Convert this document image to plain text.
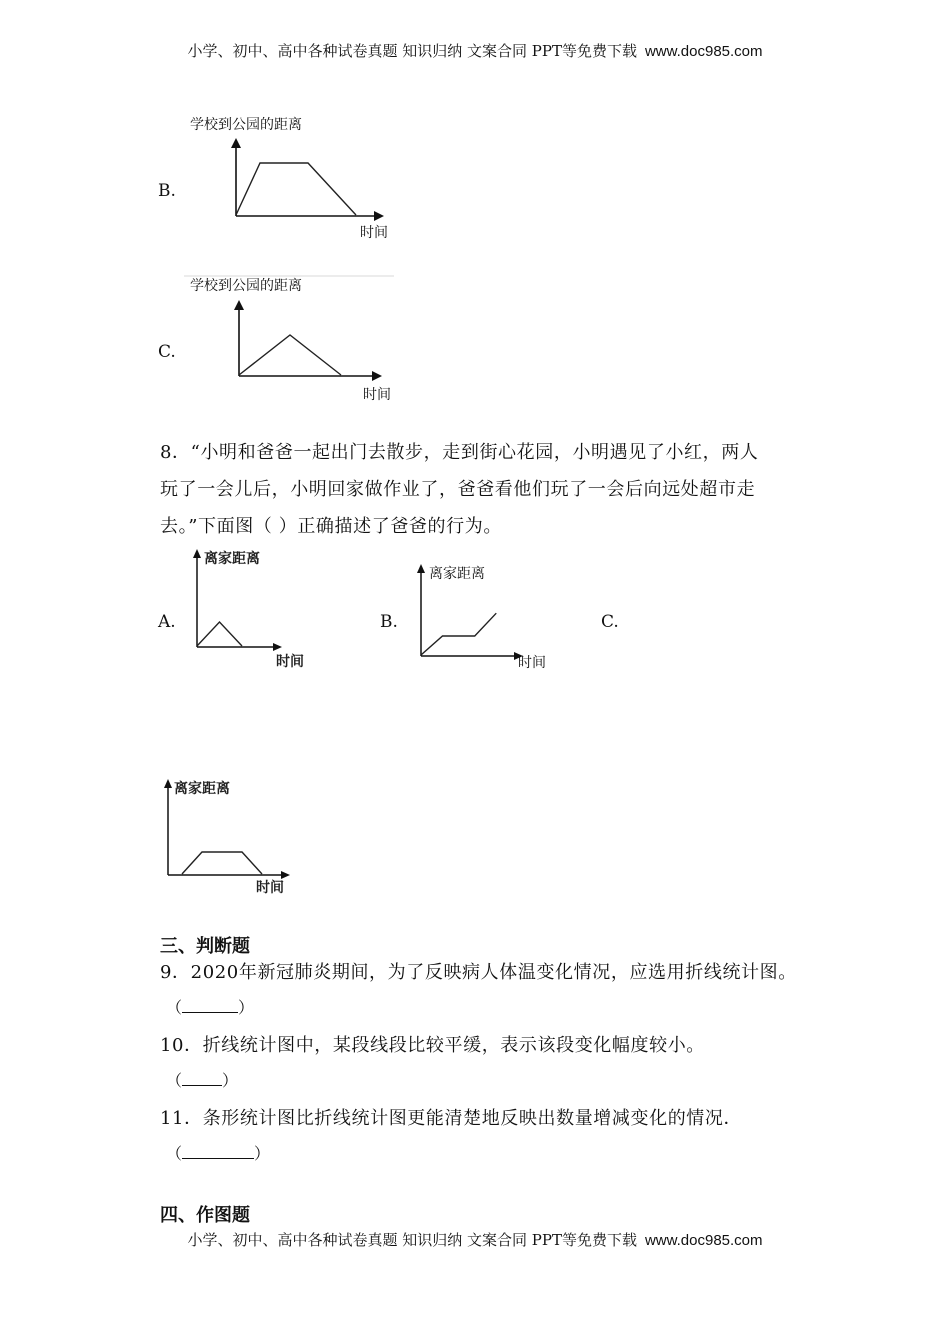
小学、初中、高中各种试卷真题 知识归纳 文案合同 PPT等免费下载 www.doc985.com
B.
学校到公园的距离
时间
C.
学校到公园的距离
时间
8．“小明和爸爸一起出门去散步，走到街心花园，小明遇见了小红，两人
玩了一会儿后，小明回家做作业了，爸爸看他们玩了一会后向远处超市走
去。”下面图（ ）正确描述了爸爸的行为。
A.
离家距离
时间
B.
离家距离
时间
C.
离家距离
时间
三、判断题
9．2020年新冠肺炎期间，为了反映病人体温变化情况，应选用折线统计图。
（	）
10．折线统计图中，某段线段比较平缓，表示该段变化幅度较小。
（	）
11．条形统计图比折线统计图更能清楚地反映出数量增减变化的情况．
（	）
四、作图题
小学、初中、高中各种试卷真题 知识归纳 文案合同 PPT等免费下载 www.doc985.com
